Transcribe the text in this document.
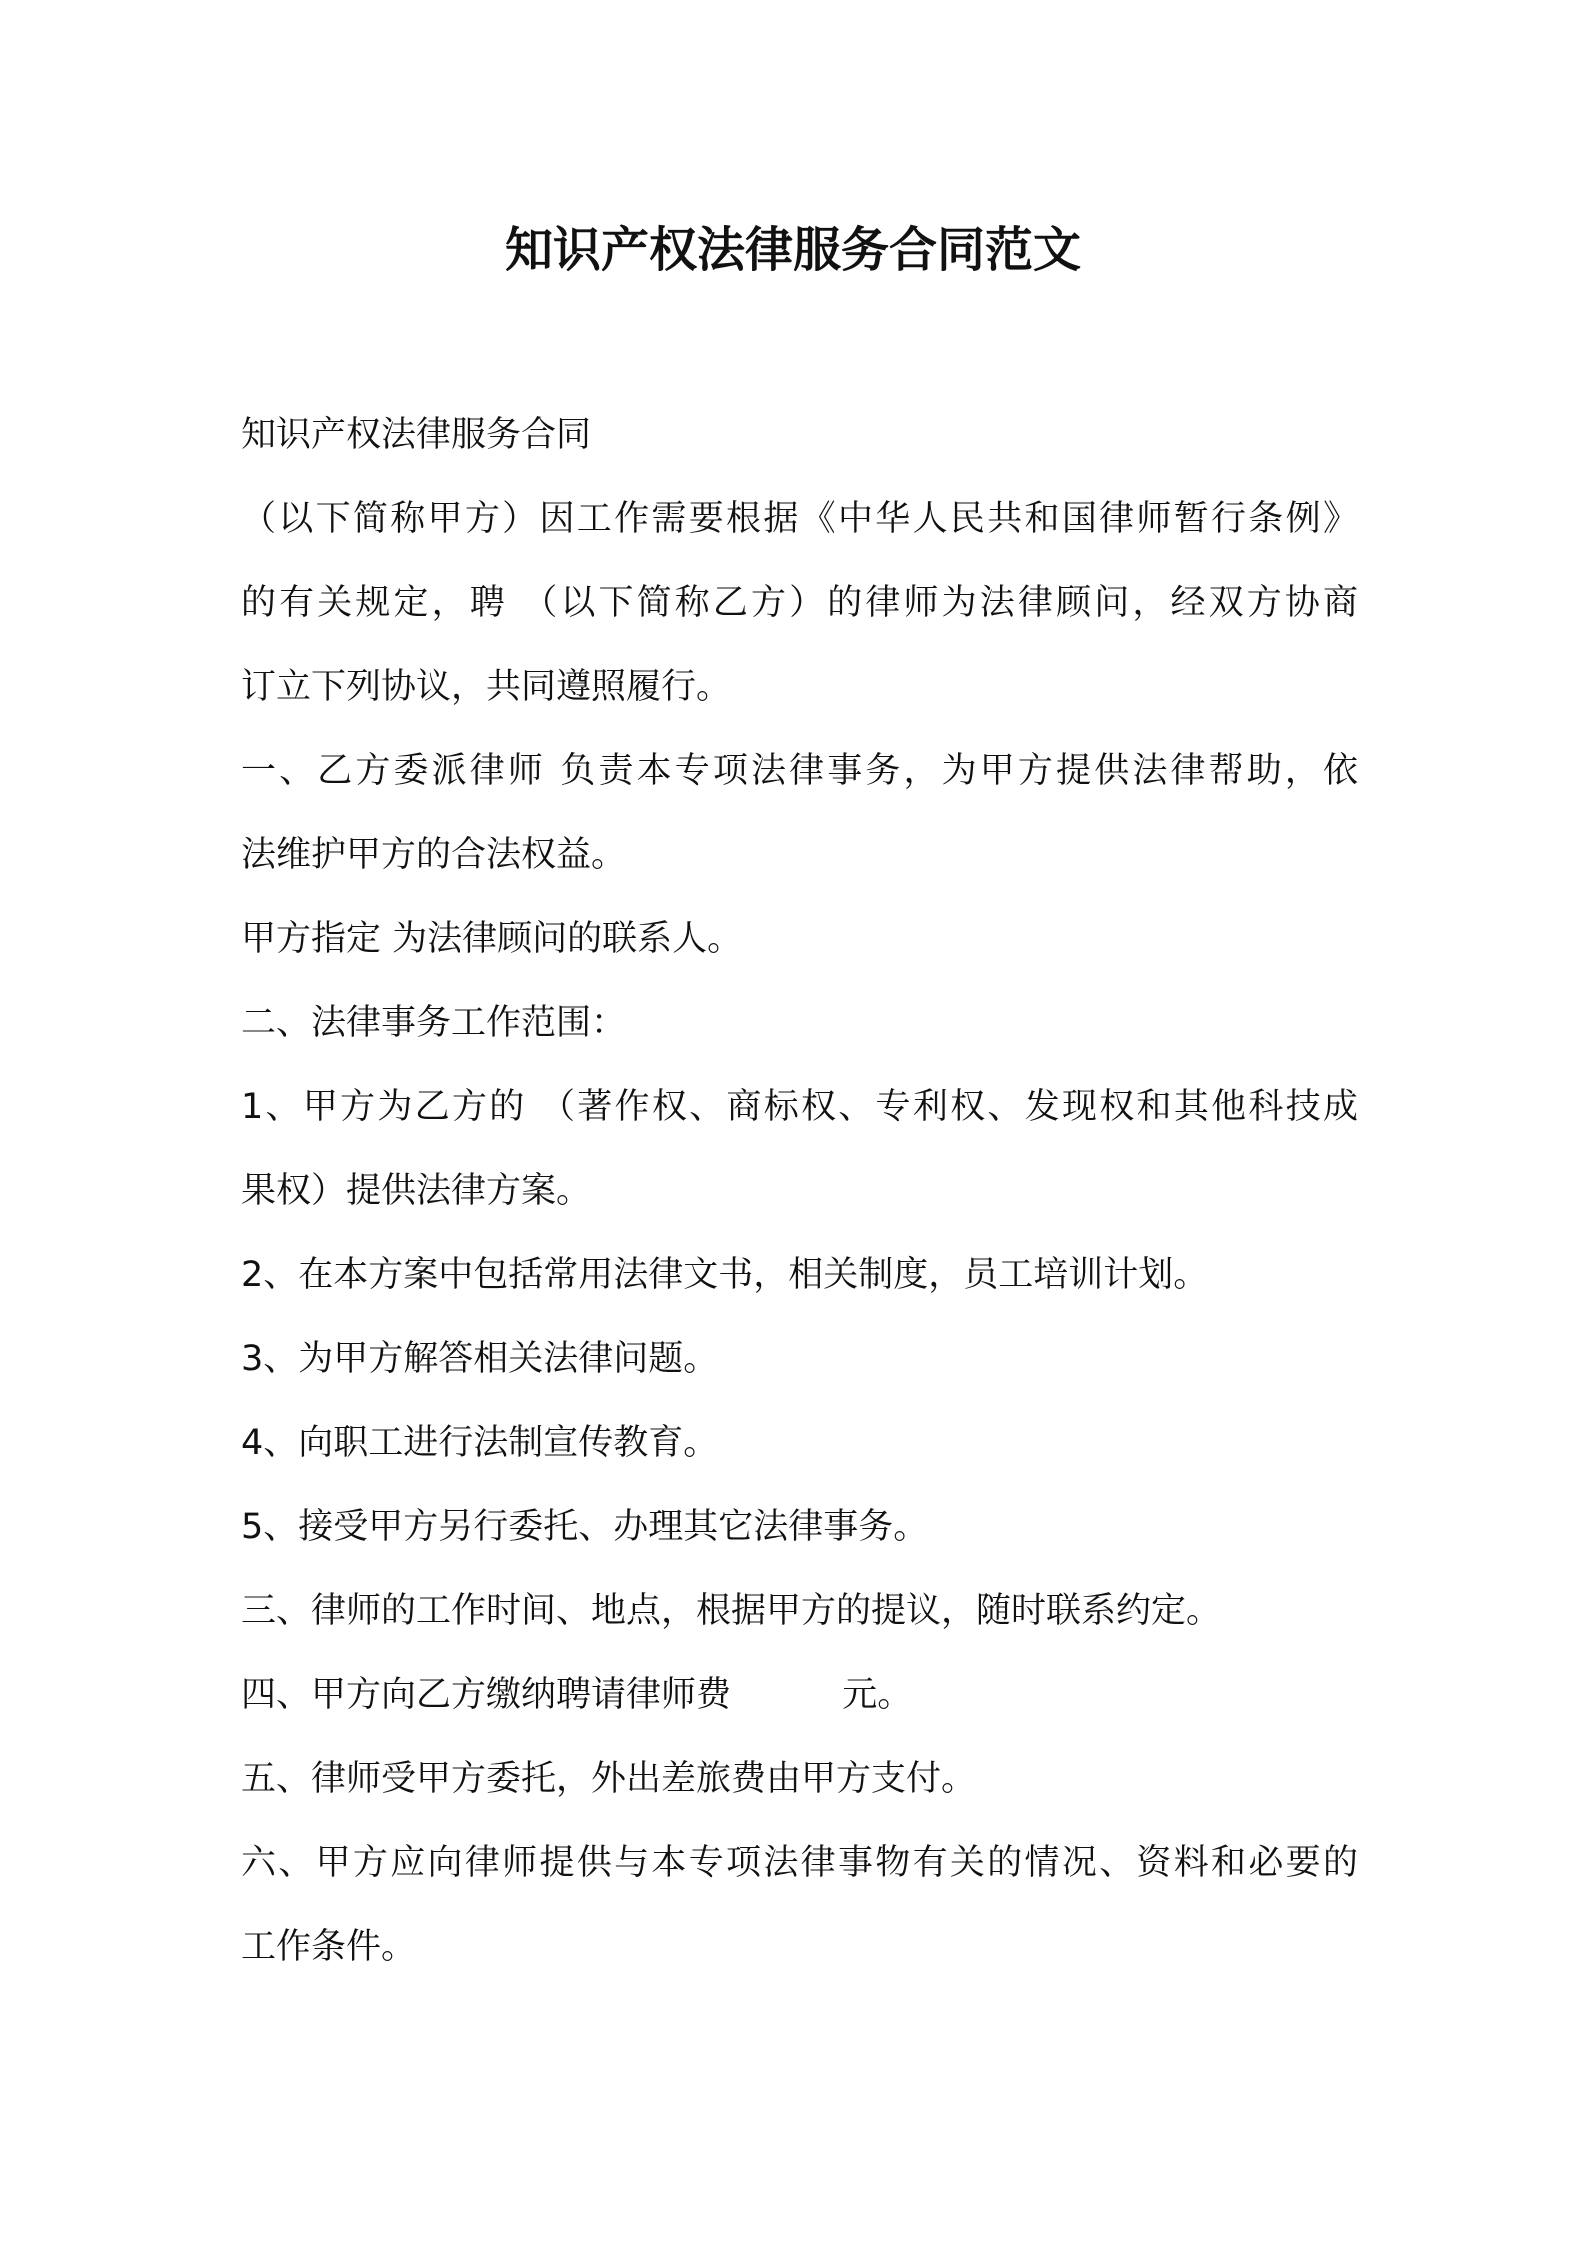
知识产权法律服务合同范文
知识产权法律服务合同
（以下简称甲方）因工作需要根据《中华人民共和国律师暂行条例》
的有关规定，聘 （以下简称乙方）的律师为法律顾问，经双方协商
订立下列协议，共同遵照履行。
一、乙方委派律师 负责本专项法律事务，为甲方提供法律帮助，依
法维护甲方的合法权益。
甲方指定 为法律顾问的联系人。
二、法律事务工作范围：
1、甲方为乙方的 （著作权、商标权、专利权、发现权和其他科技成
果权）提供法律方案。
2、在本方案中包括常用法律文书，相关制度，员工培训计划。
3、为甲方解答相关法律问题。
4、向职工进行法制宣传教育。
5、接受甲方另行委托、办理其它法律事务。
三、律师的工作时间、地点，根据甲方的提议，随时联系约定。
四、甲方向乙方缴纳聘请律师费          元。
五、律师受甲方委托，外出差旅费由甲方支付。
六、甲方应向律师提供与本专项法律事物有关的情况、资料和必要的
工作条件。
